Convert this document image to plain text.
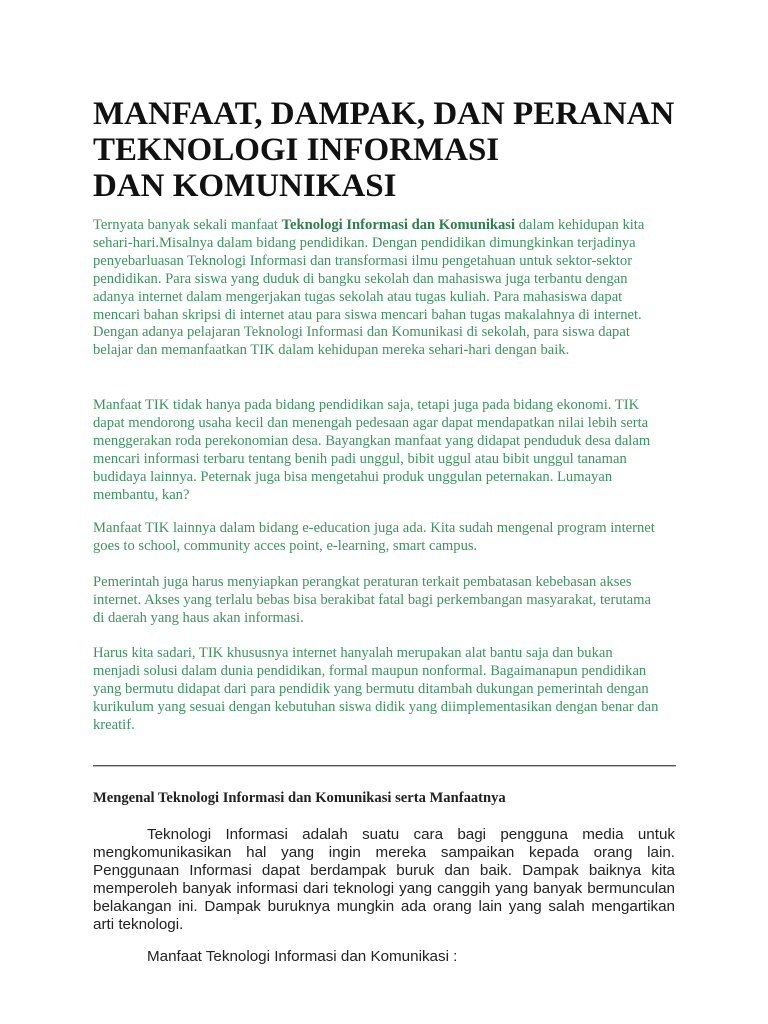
MANFAAT, DAMPAK, DAN PERANAN
TEKNOLOGI INFORMASI
DAN KOMUNIKASI

Ternyata banyak sekali manfaat Teknologi Informasi dan Komunikasi dalam kehidupan kita sehari-hari.Misalnya dalam bidang pendidikan. Dengan pendidikan dimungkinkan terjadinya penyebarluasan Teknologi Informasi dan transformasi ilmu pengetahuan untuk sektor-sektor pendidikan. Para siswa yang duduk di bangku sekolah dan mahasiswa juga terbantu dengan adanya internet dalam mengerjakan tugas sekolah atau tugas kuliah. Para mahasiswa dapat mencari bahan skripsi di internet atau para siswa mencari bahan tugas makalahnya di internet. Dengan adanya pelajaran Teknologi Informasi dan Komunikasi di sekolah, para siswa dapat belajar dan memanfaatkan TIK dalam kehidupan mereka sehari-hari dengan baik.

Manfaat TIK tidak hanya pada bidang pendidikan saja, tetapi juga pada bidang ekonomi. TIK dapat mendorong usaha kecil dan menengah pedesaan agar dapat mendapatkan nilai lebih serta menggerakan roda perekonomian desa. Bayangkan manfaat yang didapat penduduk desa dalam mencari informasi terbaru tentang benih padi unggul, bibit uggul atau bibit unggul tanaman budidaya lainnya. Peternak juga bisa mengetahui produk unggulan peternakan. Lumayan membantu, kan?

Manfaat TIK lainnya dalam bidang e-education juga ada. Kita sudah mengenal program internet goes to school, community acces point, e-learning, smart campus.

Pemerintah juga harus menyiapkan perangkat peraturan terkait pembatasan kebebasan akses internet. Akses yang terlalu bebas bisa berakibat fatal bagi perkembangan masyarakat, terutama di daerah yang haus akan informasi.

Harus kita sadari, TIK khususnya internet hanyalah merupakan alat bantu saja dan bukan menjadi solusi dalam dunia pendidikan, formal maupun nonformal. Bagaimanapun pendidikan yang bermutu didapat dari para pendidik yang bermutu ditambah dukungan pemerintah dengan kurikulum yang sesuai dengan kebutuhan siswa didik yang diimplementasikan dengan benar dan kreatif.

Mengenal Teknologi Informasi dan Komunikasi serta Manfaatnya

Teknologi Informasi adalah suatu cara bagi pengguna media untuk mengkomunikasikan hal yang ingin mereka sampaikan kepada orang lain. Penggunaan Informasi dapat berdampak buruk dan baik. Dampak baiknya kita memperoleh banyak informasi dari teknologi yang canggih yang banyak bermunculan belakangan ini. Dampak buruknya mungkin ada orang lain yang salah mengartikan arti teknologi.

Manfaat Teknologi Informasi dan Komunikasi :
